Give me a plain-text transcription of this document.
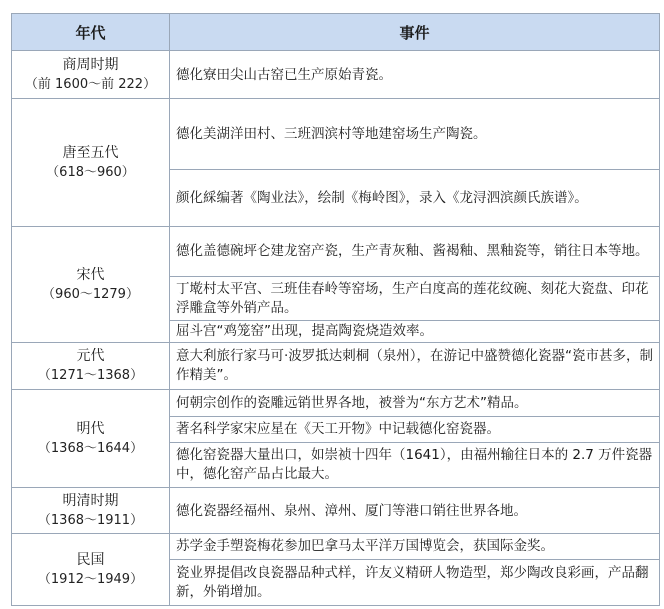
年代	事件

商周时期
（前 1600～前 222）	德化寮田尖山古窑已生产原始青瓷。

唐至五代
（618～960）	德化美湖洋田村、三班泗滨村等地建窑场生产陶瓷。
	颜化綵编著《陶业法》，绘制《梅岭图》，录入《龙浔泗滨颜氏族谱》。

宋代
（960～1279）	德化盖德碗坪仑建龙窑产瓷，生产青灰釉、酱褐釉、黑釉瓷等，销往日本等地。
	丁墘村太平宫、三班佳春岭等窑场，生产白度高的莲花纹碗、刻花大瓷盘、印花浮雕盒等外销产品。
	屈斗宫“鸡笼窑”出现，提高陶瓷烧造效率。

元代
（1271～1368）	意大利旅行家马可·波罗抵达刺桐（泉州），在游记中盛赞德化瓷器“瓷市甚多，制作精美”。

明代
（1368～1644）	何朝宗创作的瓷雕远销世界各地，被誉为“东方艺术”精品。
	著名科学家宋应星在《天工开物》中记载德化窑瓷器。
	德化窑瓷器大量出口，如崇祯十四年（1641），由福州输往日本的 2.7 万件瓷器中，德化窑产品占比最大。

明清时期
（1368～1911）	德化瓷器经福州、泉州、漳州、厦门等港口销往世界各地。

民国
（1912～1949）	苏学金手塑瓷梅花参加巴拿马太平洋万国博览会，获国际金奖。
	瓷业界提倡改良瓷器品种式样，许友义精研人物造型，郑少陶改良彩画，产品翻新，外销增加。
